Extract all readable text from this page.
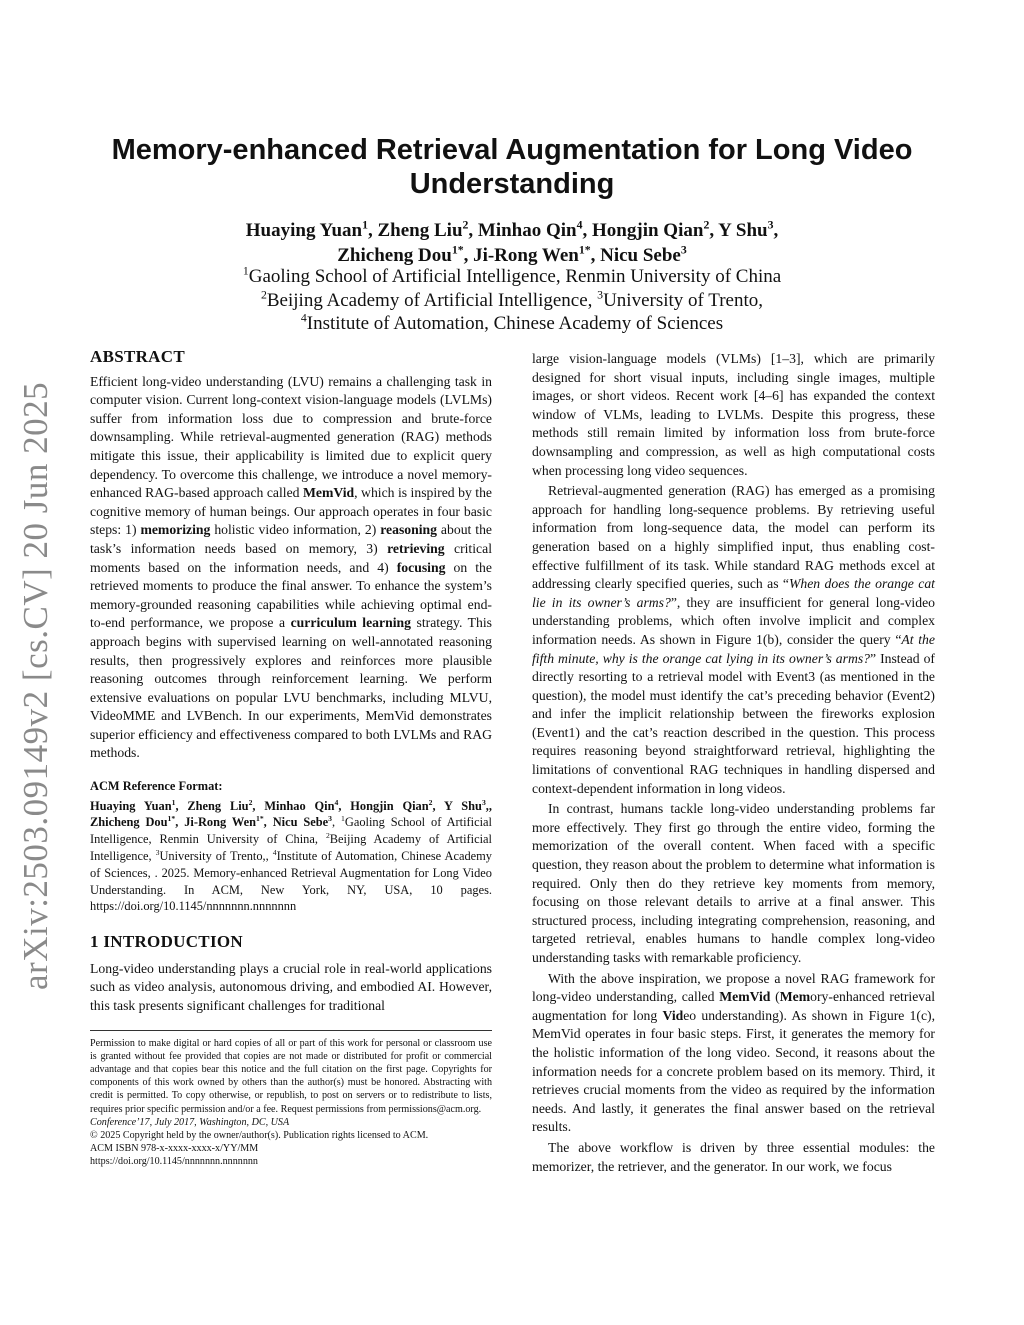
arXiv:2503.09149v2 [cs.CV] 20 Jun 2025
Memory-enhanced Retrieval Augmentation for Long Video Understanding
Huaying Yuan$^1$, Zheng Liu$^2$, Minhao Qin$^4$, Hongjin Qian$^2$, Y Shu$^3$,
Zhicheng Dou$^{1*}$, Ji-Rong Wen$^{1*}$, Nicu Sebe$^3$
$^1$Gaoling School of Artificial Intelligence, Renmin University of China
$^2$Beijing Academy of Artificial Intelligence, $^3$University of Trento,
$^4$Institute of Automation, Chinese Academy of Sciences
ABSTRACT

Efficient long-video understanding (LVU) remains a challenging task in computer vision. Current long-context vision-language models (LVLMs) suffer from information loss due to compression and brute-force downsampling. While retrieval-augmented generation (RAG) methods mitigate this issue, their applicability is limited due to explicit query dependency. To overcome this challenge, we introduce a novel memory-enhanced RAG-based approach called MemVid, which is inspired by the cognitive memory of human beings. Our approach operates in four basic steps: 1) memorizing holistic video information, 2) reasoning about the task’s information needs based on memory, 3) retrieving critical moments based on the information needs, and 4) focusing on the retrieved moments to produce the final answer. To enhance the system’s memory-grounded reasoning capabilities while achieving optimal end-to-end performance, we propose a curriculum learning strategy. This approach begins with supervised learning on well-annotated reasoning results, then progressively explores and reinforces more plausible reasoning outcomes through reinforcement learning. We perform extensive evaluations on popular LVU benchmarks, including MLVU, VideoMME and LVBench. In our experiments, MemVid demonstrates superior efficiency and effectiveness compared to both LVLMs and RAG methods.

ACM Reference Format:

Huaying Yuan$^1$, Zheng Liu$^2$, Minhao Qin$^4$, Hongjin Qian$^2$, Y Shu$^3$,, Zhicheng Dou$^{1*}$, Ji-Rong Wen$^{1*}$, Nicu Sebe$^3$, $^1$Gaoling School of Artificial Intelligence, Renmin University of China, $^2$Beijing Academy of Artificial Intelligence, $^3$University of Trento,, $^4$Institute of Automation, Chinese Academy of Sciences, . 2025. Memory-enhanced Retrieval Augmentation for Long Video Understanding. In ACM, New York, NY, USA, 10 pages. https://doi.org/10.1145/nnnnnnn.nnnnnnn

1 INTRODUCTION

Long-video understanding plays a crucial role in real-world applications such as video analysis, autonomous driving, and embodied AI. However, this task presents significant challenges for traditional

Permission to make digital or hard copies of all or part of this work for personal or classroom use is granted without fee provided that copies are not made or distributed for profit or commercial advantage and that copies bear this notice and the full citation on the first page. Copyrights for components of this work owned by others than the author(s) must be honored. Abstracting with credit is permitted. To copy otherwise, or republish, to post on servers or to redistribute to lists, requires prior specific permission and/or a fee. Request permissions from permissions@acm.org.

Conference’17, July 2017, Washington, DC, USA
© 2025 Copyright held by the owner/author(s). Publication rights licensed to ACM.
ACM ISBN 978-x-xxxx-xxxx-x/YY/MM
https://doi.org/10.1145/nnnnnnn.nnnnnnn

large vision-language models (VLMs) [1–3], which are primarily designed for short visual inputs, including single images, multiple images, or short videos. Recent work [4–6] has expanded the context window of VLMs, leading to LVLMs. Despite this progress, these methods still remain limited by information loss from brute-force downsampling and compression, as well as high computational costs when processing long video sequences.

Retrieval-augmented generation (RAG) has emerged as a promising approach for handling long-sequence problems. By retrieving useful information from long-sequence data, the model can perform its generation based on a highly simplified input, thus enabling cost-effective fulfillment of its task. While standard RAG methods excel at addressing clearly specified queries, such as “When does the orange cat lie in its owner’s arms?”, they are insufficient for general long-video understanding problems, which often involve implicit and complex information needs. As shown in Figure 1(b), consider the query “At the fifth minute, why is the orange cat lying in its owner’s arms?” Instead of directly resorting to a retrieval model with Event3 (as mentioned in the question), the model must identify the cat’s preceding behavior (Event2) and infer the implicit relationship between the fireworks explosion (Event1) and the cat’s reaction described in the question. This process requires reasoning beyond straightforward retrieval, highlighting the limitations of conventional RAG techniques in handling dispersed and context-dependent information in long videos.

In contrast, humans tackle long-video understanding problems far more effectively. They first go through the entire video, forming the memorization of the overall content. When faced with a specific question, they reason about the problem to determine what information is required. Only then do they retrieve key moments from memory, focusing on those relevant details to arrive at a final answer. This structured process, including integrating comprehension, reasoning, and targeted retrieval, enables humans to handle complex long-video understanding tasks with remarkable proficiency.

With the above inspiration, we propose a novel RAG framework for long-video understanding, called MemVid (Memory-enhanced retrieval augmentation for long Video understanding). As shown in Figure 1(c), MemVid operates in four basic steps. First, it generates the memory for the holistic information of the long video. Second, it reasons about the information needs for a concrete problem based on its memory. Third, it retrieves crucial moments from the video as required by the information needs. And lastly, it generates the final answer based on the retrieval results.

The above workflow is driven by three essential modules: the memorizer, the retriever, and the generator. In our work, we focus
